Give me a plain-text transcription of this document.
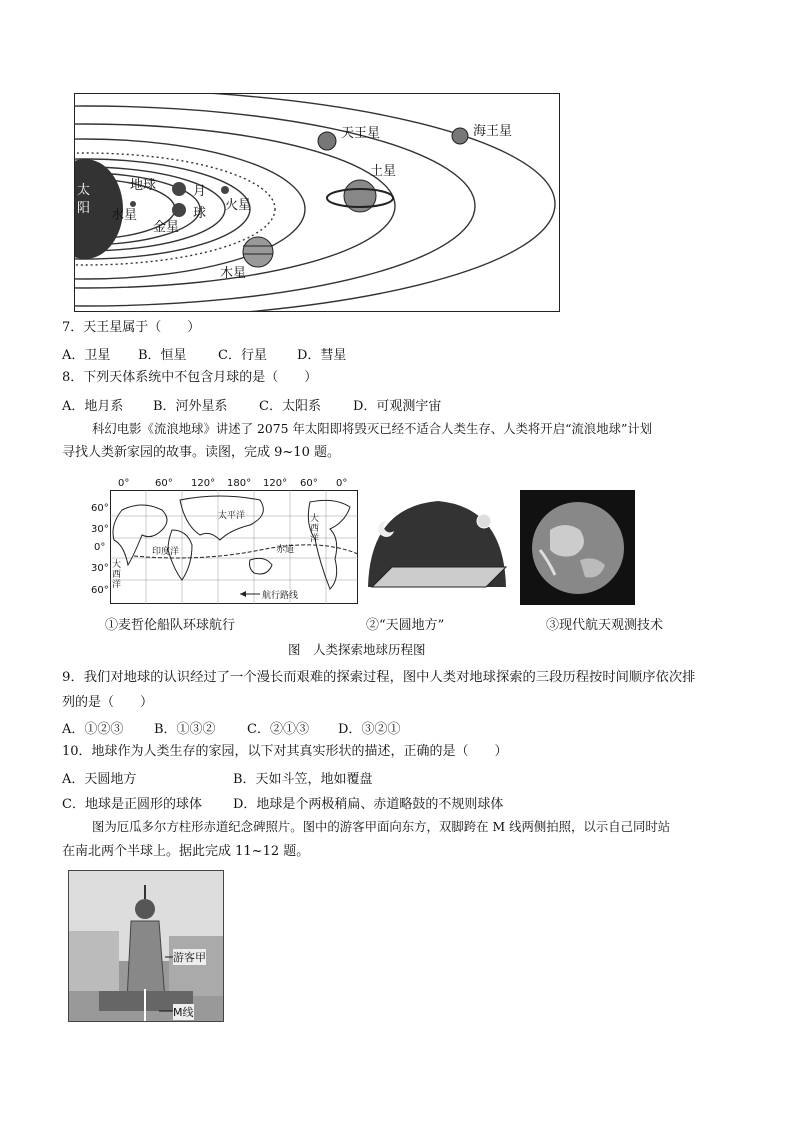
太阳
地球	月
球
水星
金星
火星
木星
土星
天王星	海王星
7．天王星属于（　　）
A．卫星 B．恒星 C．行星 D．彗星
8．下列天体系统中不包含月球的是（　　）
A．地月系 B．河外星系 C．太阳系 D．可观测宇宙
科幻电影《流浪地球》讲述了 2075 年太阳即将毁灭已经不适合人类生存、人类将开启“流浪地球”计划
寻找人类新家园的故事。读图，完成 9~10 题。
0°	60° 120° 180° 120° 60° 0°
60°
30°
0°
30°
60°
太平洋
印度洋
大西洋
大西洋
赤道
航行路线
①麦哲伦船队环球航行	②“天圆地方”	③现代航天观测技术
图　人类探索地球历程图
9．我们对地球的认识经过了一个漫长而艰难的探索过程，图中人类对地球探索的三段历程按时间顺序依次排
列的是（　　）
A．①②③ B．①③② C．②①③ D．③②①
10．地球作为人类生存的家园，以下对其真实形状的描述，正确的是（　　）
A．天圆地方	B．天如斗笠，地如覆盘
C．地球是正圆形的球体 D．地球是个两极稍扁、赤道略鼓的不规则球体
图为厄瓜多尔方柱形赤道纪念碑照片。图中的游客甲面向东方，双脚跨在 M 线两侧拍照，以示自己同时站
在南北两个半球上。据此完成 11~12 题。
游客甲
M线
